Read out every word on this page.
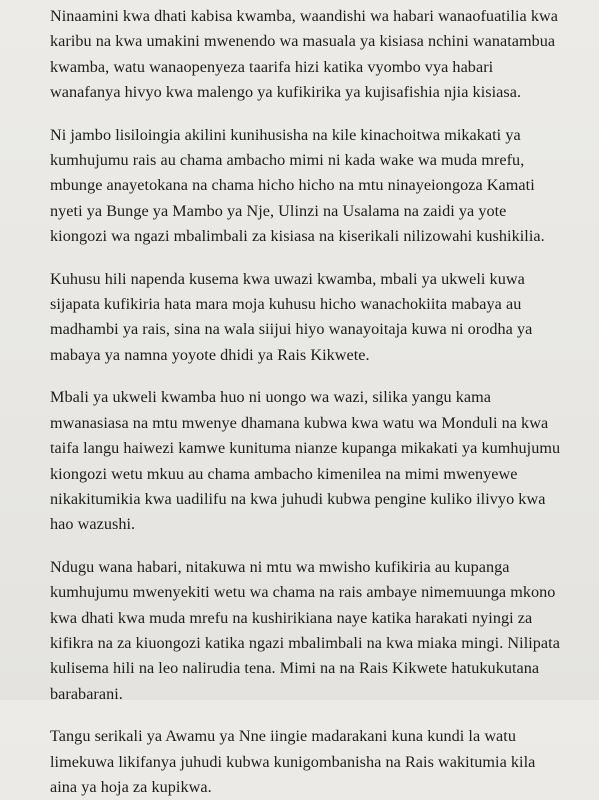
Ninaamini kwa dhati kabisa kwamba, waandishi wa habari wanaofuatilia kwa
karibu na kwa umakini mwenendo wa masuala ya kisiasa nchini wanatambua
kwamba, watu wanaopenyeza taarifa hizi katika vyombo vya habari
wanafanya hivyo kwa malengo ya kufikirika ya kujisafishia njia kisiasa.

Ni jambo lisiloingia akilini kunihusisha na kile kinachoitwa mikakati ya
kumhujumu rais au chama ambacho mimi ni kada wake wa muda mrefu,
mbunge anayetokana na chama hicho hicho na mtu ninayeiongoza Kamati
nyeti ya Bunge ya Mambo ya Nje, Ulinzi na Usalama na zaidi ya yote
kiongozi wa ngazi mbalimbali za kisiasa na kiserikali nilizowahi kushikilia.

Kuhusu hili napenda kusema kwa uwazi kwamba, mbali ya ukweli kuwa
sijapata kufikiria hata mara moja kuhusu hicho wanachokiita mabaya au
madhambi ya rais, sina na wala siijui hiyo wanayoitaja kuwa ni orodha ya
mabaya ya namna yoyote dhidi ya Rais Kikwete.

Mbali ya ukweli kwamba huo ni uongo wa wazi, silika yangu kama
mwanasiasa na mtu mwenye dhamana kubwa kwa watu wa Monduli na kwa
taifa langu haiwezi kamwe kunituma nianze kupanga mikakati ya kumhujumu
kiongozi wetu mkuu au chama ambacho kimenilea na mimi mwenyewe
nikakitumikia kwa uadilifu na kwa juhudi kubwa pengine kuliko ilivyo kwa
hao wazushi.

Ndugu wana habari, nitakuwa ni mtu wa mwisho kufikiria au kupanga
kumhujumu mwenyekiti wetu wa chama na rais ambaye nimemuunga mkono
kwa dhati kwa muda mrefu na kushirikiana naye katika harakati nyingi za
kifikra na za kiuongozi katika ngazi mbalimbali na kwa miaka mingi. Nilipata
kulisema hili na leo nalirudia tena. Mimi na na Rais Kikwete hatukukutana
barabarani.

Tangu serikali ya Awamu ya Nne iingie madarakani kuna kundi la watu
limekuwa likifanya juhudi kubwa kunigombanisha na Rais wakitumia kila
aina ya hoja za kupikwa.
